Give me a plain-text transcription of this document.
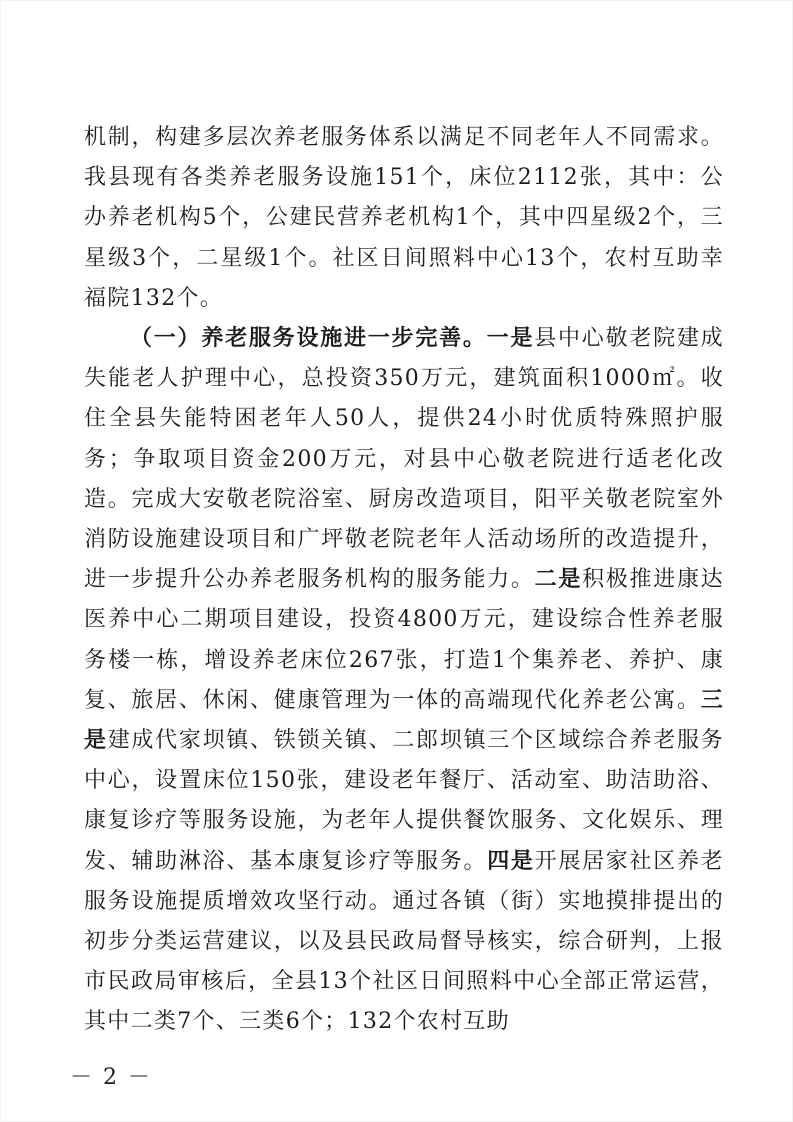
机制，构建多层次养老服务体系以满足不同老年人不同需求。我县现有各类养老服务设施151个，床位2112张，其中：公办养老机构5个，公建民营养老机构1个，其中四星级2个，三星级3个，二星级1个。社区日间照料中心13个，农村互助幸福院132个。

（一）养老服务设施进一步完善。一是县中心敬老院建成失能老人护理中心，总投资350万元，建筑面积1000㎡。收住全县失能特困老年人50人，提供24小时优质特殊照护服务；争取项目资金200万元，对县中心敬老院进行适老化改造。完成大安敬老院浴室、厨房改造项目，阳平关敬老院室外消防设施建设项目和广坪敬老院老年人活动场所的改造提升，进一步提升公办养老服务机构的服务能力。二是积极推进康达医养中心二期项目建设，投资4800万元，建设综合性养老服务楼一栋，增设养老床位267张，打造1个集养老、养护、康复、旅居、休闲、健康管理为一体的高端现代化养老公寓。三是建成代家坝镇、铁锁关镇、二郎坝镇三个区域综合养老服务中心，设置床位150张，建设老年餐厅、活动室、助洁助浴、康复诊疗等服务设施，为老年人提供餐饮服务、文化娱乐、理发、辅助淋浴、基本康复诊疗等服务。四是开展居家社区养老服务设施提质增效攻坚行动。通过各镇（街）实地摸排提出的初步分类运营建议，以及县民政局督导核实，综合研判，上报市民政局审核后，全县13个社区日间照料中心全部正常运营，其中二类7个、三类6个；132个农村互助

－ 2 －
